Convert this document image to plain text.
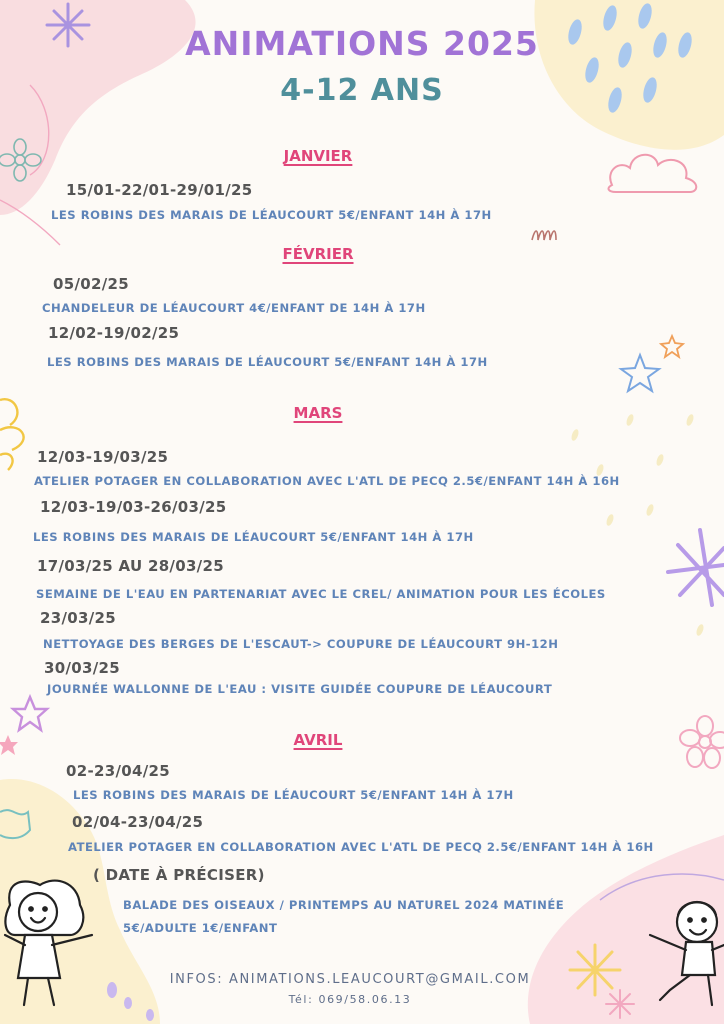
ANIMATIONS 2025
4-12 ANS
JANVIER
15/01-22/01-29/01/25
LES ROBINS DES MARAIS DE LÉAUCOURT 5€/ENFANT 14H À 17H
FÉVRIER
05/02/25
CHANDELEUR DE LÉAUCOURT 4€/ENFANT DE 14H À 17H
12/02-19/02/25
LES ROBINS DES MARAIS DE LÉAUCOURT 5€/ENFANT 14H À 17H
MARS
12/03-19/03/25
ATELIER POTAGER EN COLLABORATION AVEC L'ATL DE PECQ 2.5€/ENFANT 14H À 16H
12/03-19/03-26/03/25
LES ROBINS DES MARAIS DE LÉAUCOURT 5€/ENFANT 14H À 17H
17/03/25 AU 28/03/25
SEMAINE DE L'EAU EN PARTENARIAT AVEC LE CREL/ ANIMATION POUR LES ÉCOLES
23/03/25
NETTOYAGE DES BERGES DE L'ESCAUT-> COUPURE DE LÉAUCOURT 9H-12H
30/03/25
JOURNÉE WALLONNE DE L'EAU : VISITE GUIDÉE COUPURE DE LÉAUCOURT
AVRIL
02-23/04/25
LES ROBINS DES MARAIS DE LÉAUCOURT 5€/ENFANT 14H À 17H
02/04-23/04/25
ATELIER POTAGER EN COLLABORATION AVEC L'ATL DE PECQ 2.5€/ENFANT 14H À 16H
( DATE À PRÉCISER)
BALADE DES OISEAUX / PRINTEMPS AU NATUREL 2024 MATINÉE
5€/ADULTE 1€/ENFANT
INFOS: ANIMATIONS.LEAUCOURT@GMAIL.COM
Tél: 069/58.06.13
